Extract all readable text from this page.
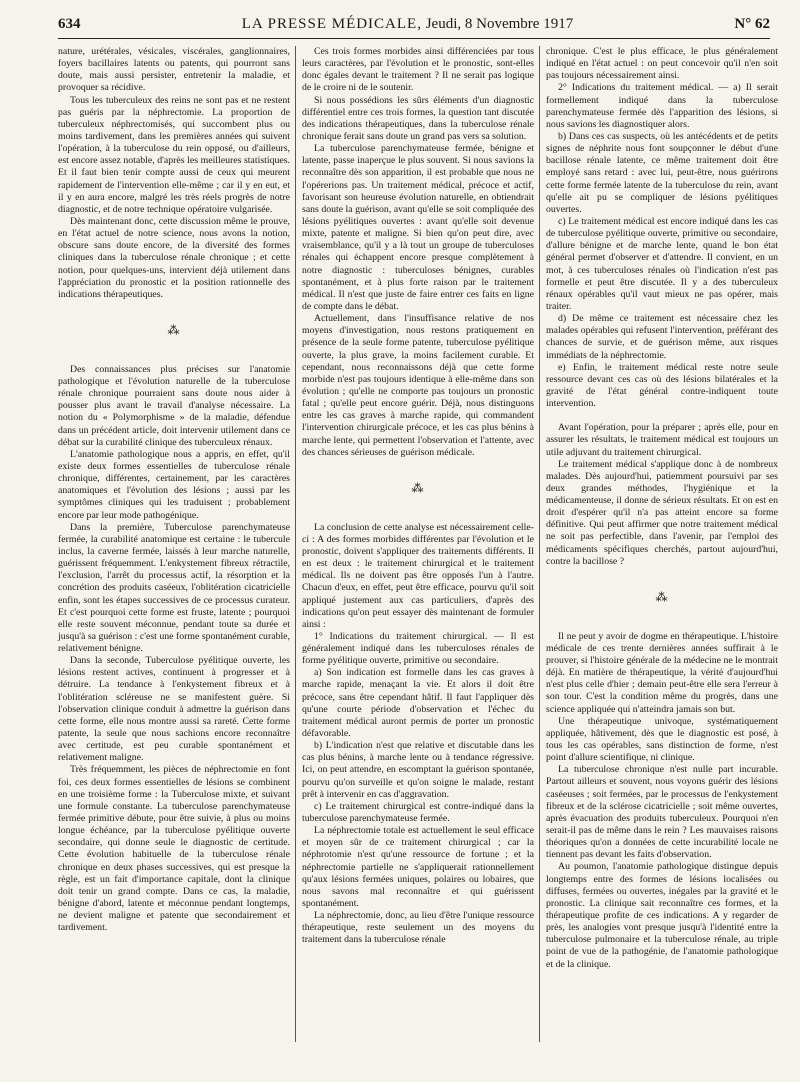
634	LA PRESSE MÉDICALE, Jeudi, 8 Novembre 1917	N° 62

nature, urétérales, vésicales, viscérales, ganglionnaires, foyers bacillaires latents ou patents, qui pourront sans doute, mais aussi persister, entretenir la maladie, et provoquer sa récidive.

Tous les tuberculeux des reins ne sont pas et ne restent pas guéris par la néphrectomie. La proportion de tuberculeux néphrectomisés, qui succombent plus ou moins tardivement, dans les premières années qui suivent l'opération, à la tuberculose du rein opposé, ou d'ailleurs, est encore assez notable, d'après les meilleures statistiques. Et il faut bien tenir compte aussi de ceux qui meurent rapidement de l'intervention elle-même ; car il y en eut, et il y en aura encore, malgré les très réels progrès de notre diagnostic, et de notre technique opératoire vulgarisée.

Dès maintenant donc, cette discussion même le prouve, en l'état actuel de notre science, nous avons la notion, obscure sans doute encore, de la diversité des formes cliniques dans la tuberculose rénale chronique ; et cette notion, pour quelques-uns, intervient déjà utilement dans l'appréciation du pronostic et la position rationnelle des indications thérapeutiques.

⁂

Des connaissances plus précises sur l'anatomie pathologique et l'évolution naturelle de la tuberculose rénale chronique pourraient sans doute nous aider à pousser plus avant le travail d'analyse nécessaire. La notion du « Polymorphisme » de la maladie, défendue dans un précédent article, doit intervenir utilement dans ce débat sur la curabilité clinique des tuberculeux rénaux.

L'anatomie pathologique nous a appris, en effet, qu'il existe deux formes essentielles de tuberculose rénale chronique, différentes, certainement, par les caractères anatomiques et l'évolution des lésions ; aussi par les symptômes cliniques qui les traduisent ; probablement encore par leur mode pathogénique.

Dans la première, Tuberculose parenchymateuse fermée, la curabilité anatomique est certaine : le tubercule inclus, la caverne fermée, laissés à leur marche naturelle, guérissent fréquemment. L'enkystement fibreux rétractile, l'exclusion, l'arrêt du processus actif, la résorption et la concrétion des produits caséeux, l'oblitération cicatricielle enfin, sont les étapes successives de ce processus curateur. Et c'est pourquoi cette forme est fruste, latente ; pourquoi elle reste souvent méconnue, pendant toute sa durée et jusqu'à sa guérison : c'est une forme spontanément curable, relativement bénigne.

Dans la seconde, Tuberculose pyélitique ouverte, les lésions restent actives, continuent à progresser et à détruire. La tendance à l'enkystement fibreux et à l'oblitération scléreuse ne se manifestent guère. Si l'observation clinique conduit à admettre la guérison dans cette forme, elle nous montre aussi sa rareté. Cette forme patente, la seule que nous sachions encore reconnaître avec certitude, est peu curable spontanément et relativement maligne.

Très fréquemment, les pièces de néphrectomie en font foi, ces deux formes essentielles de lésions se combinent en une troisième forme : la Tuberculose mixte, et suivant une formule constante. La tuberculose parenchymateuse fermée primitive débute, pour être suivie, à plus ou moins longue échéance, par la tuberculose pyélitique ouverte secondaire, qui donne seule le diagnostic de certitude. Cette évolution habituelle de la tuberculose rénale chronique en deux phases successives, qui est presque la règle, est un fait d'importance capitale, dont la clinique doit tenir un grand compte. Dans ce cas, la maladie, bénigne d'abord, latente et méconnue pendant longtemps, ne devient maligne et patente que secondairement et tardivement.

Ces trois formes morbides ainsi différenciées par tous leurs caractères, par l'évolution et le pronostic, sont-elles donc égales devant le traitement ? Il ne serait pas logique de le croire ni de le soutenir.

Si nous possédions les sûrs éléments d'un diagnostic différentiel entre ces trois formes, la question tant discutée des indications thérapeutiques, dans la tuberculose rénale chronique ferait sans doute un grand pas vers sa solution.

La tuberculose parenchymateuse fermée, bénigne et latente, passe inaperçue le plus souvent. Si nous savions la reconnaître dès son apparition, il est probable que nous ne l'opérerions pas. Un traitement médical, précoce et actif, favorisant son heureuse évolution naturelle, en obtiendrait sans doute la guérison, avant qu'elle se soit compliquée des lésions pyélitiques ouvertes : avant qu'elle soit devenue mixte, patente et maligne. Si bien qu'on peut dire, avec vraisemblance, qu'il y a là tout un groupe de tuberculoses rénales qui échappent encore presque complètement à notre diagnostic : tuberculoses bénignes, curables spontanément, et à plus forte raison par le traitement médical. Il n'est que juste de faire entrer ces faits en ligne de compte dans le débat.

Actuellement, dans l'insuffisance relative de nos moyens d'investigation, nous restons pratiquement en présence de la seule forme patente, tuberculose pyélitique ouverte, la plus grave, la moins facilement curable. Et cependant, nous reconnaissons déjà que cette forme morbide n'est pas toujours identique à elle-même dans son évolution ; qu'elle ne comporte pas toujours un pronostic fatal ; qu'elle peut encore guérir. Déjà, nous distinguons entre les cas graves à marche rapide, qui commandent l'intervention chirurgicale précoce, et les cas plus bénins à marche lente, qui permettent l'observation et l'attente, avec des chances sérieuses de guérison médicale.

⁂

La conclusion de cette analyse est nécessairement celle-ci : A des formes morbides différentes par l'évolution et le pronostic, doivent s'appliquer des traitements différents. Il en est deux : le traitement chirurgical et le traitement médical. Ils ne doivent pas être opposés l'un à l'autre. Chacun d'eux, en effet, peut être efficace, pourvu qu'il soit appliqué justement aux cas particuliers, d'après des indications qu'on peut essayer dès maintenant de formuler ainsi :

1° Indications du traitement chirurgical. — Il est généralement indiqué dans les tuberculoses rénales de forme pyélitique ouverte, primitive ou secondaire.

a) Son indication est formelle dans les cas graves à marche rapide, menaçant la vie. Et alors il doit être précoce, sans être cependant hâtif. Il faut l'appliquer dès qu'une courte période d'observation et l'échec du traitement médical auront permis de porter un pronostic défavorable.

b) L'indication n'est que relative et discutable dans les cas plus bénins, à marche lente ou à tendance régressive. Ici, on peut attendre, en escomptant la guérison spontanée, pourvu qu'on surveille et qu'on soigne le malade, restant prêt à intervenir en cas d'aggravation.

c) Le traitement chirurgical est contre-indiqué dans la tuberculose parenchymateuse fermée.

La néphrectomie totale est actuellement le seul efficace et moyen sûr de ce traitement chirurgical ; car la néphrotomie n'est qu'une ressource de fortune ; et la néphrectomie partielle ne s'appliquerait rationnellement qu'aux lésions fermées uniques, polaires ou lobaires, que nous savons mal reconnaître et qui guérissent spontanément.

La néphrectomie, donc, au lieu d'être l'unique ressource thérapeutique, reste seulement un des moyens du traitement dans la tuberculose rénale

chronique. C'est le plus efficace, le plus généralement indiqué en l'état actuel : on peut concevoir qu'il n'en soit pas toujours nécessairement ainsi.

2° Indications du traitement médical. — a) Il serait formellement indiqué dans la tuberculose parenchymateuse fermée dès l'apparition des lésions, si nous savions les diagnostiquer alors.

b) Dans ces cas suspects, où les antécédents et de petits signes de néphrite nous font soupçonner le début d'une bacillose rénale latente, ce même traitement doit être employé sans retard : avec lui, peut-être, nous guérirons cette forme fermée latente de la tuberculose du rein, avant qu'elle ait pu se compliquer de lésions pyélitiques ouvertes.

c) Le traitement médical est encore indiqué dans les cas de tuberculose pyélitique ouverte, primitive ou secondaire, d'allure bénigne et de marche lente, quand le bon état général permet d'observer et d'attendre. Il convient, en un mot, à ces tuberculoses rénales où l'indication n'est pas formelle et peut être discutée. Il y a des tuberculeux rénaux opérables qu'il vaut mieux ne pas opérer, mais traiter.

d) De même ce traitement est nécessaire chez les malades opérables qui refusent l'intervention, préférant des chances de survie, et de guérison même, aux risques immédiats de la néphrectomie.

e) Enfin, le traitement médical reste notre seule ressource devant ces cas où des lésions bilatérales et la gravité de l'état général contre-indiquent toute intervention.

Avant l'opération, pour la préparer ; après elle, pour en assurer les résultats, le traitement médical est toujours un utile adjuvant du traitement chirurgical.

Le traitement médical s'applique donc à de nombreux malades. Dès aujourd'hui, patiemment poursuivi par ses deux grandes méthodes, l'hygiénique et la médicamenteuse, il donne de sérieux résultats. Et on est en droit d'espérer qu'il n'a pas atteint encore sa forme définitive. Qui peut affirmer que notre traitement médical ne soit pas perfectible, dans l'avenir, par l'emploi des médicaments spécifiques cherchés, partout aujourd'hui, contre la bacillose ?

⁂

Il ne peut y avoir de dogme en thérapeutique. L'histoire médicale de ces trente dernières années suffirait à le prouver, si l'histoire générale de la médecine ne le montrait déjà. En matière de thérapeutique, la vérité d'aujourd'hui n'est plus celle d'hier ; demain peut-être elle sera l'erreur à son tour. C'est la condition même du progrès, dans une science appliquée qui n'atteindra jamais son but.

Une thérapeutique univoque, systématiquement appliquée, hâtivement, dès que le diagnostic est posé, à tous les cas opérables, sans distinction de forme, n'est point d'allure scientifique, ni clinique.

La tuberculose chronique n'est nulle part incurable. Partout ailleurs et souvent, nous voyons guérir des lésions caséeuses ; soit fermées, par le processus de l'enkystement fibreux et de la sclérose cicatricielle ; soit même ouvertes, après évacuation des produits tuberculeux. Pourquoi n'en serait-il pas de même dans le rein ? Les mauvaises raisons théoriques qu'on a données de cette incurabilité locale ne tiennent pas devant les faits d'observation.

Au poumon, l'anatomie pathologique distingue depuis longtemps entre des formes de lésions localisées ou diffuses, fermées ou ouvertes, inégales par la gravité et le pronostic. La clinique sait reconnaître ces formes, et la thérapeutique profite de ces indications. A y regarder de près, les analogies vont presque jusqu'à l'identité entre la tuberculose pulmonaire et la tuberculose rénale, au triple point de vue de la pathogénie, de l'anatomie pathologique et de la clinique.
